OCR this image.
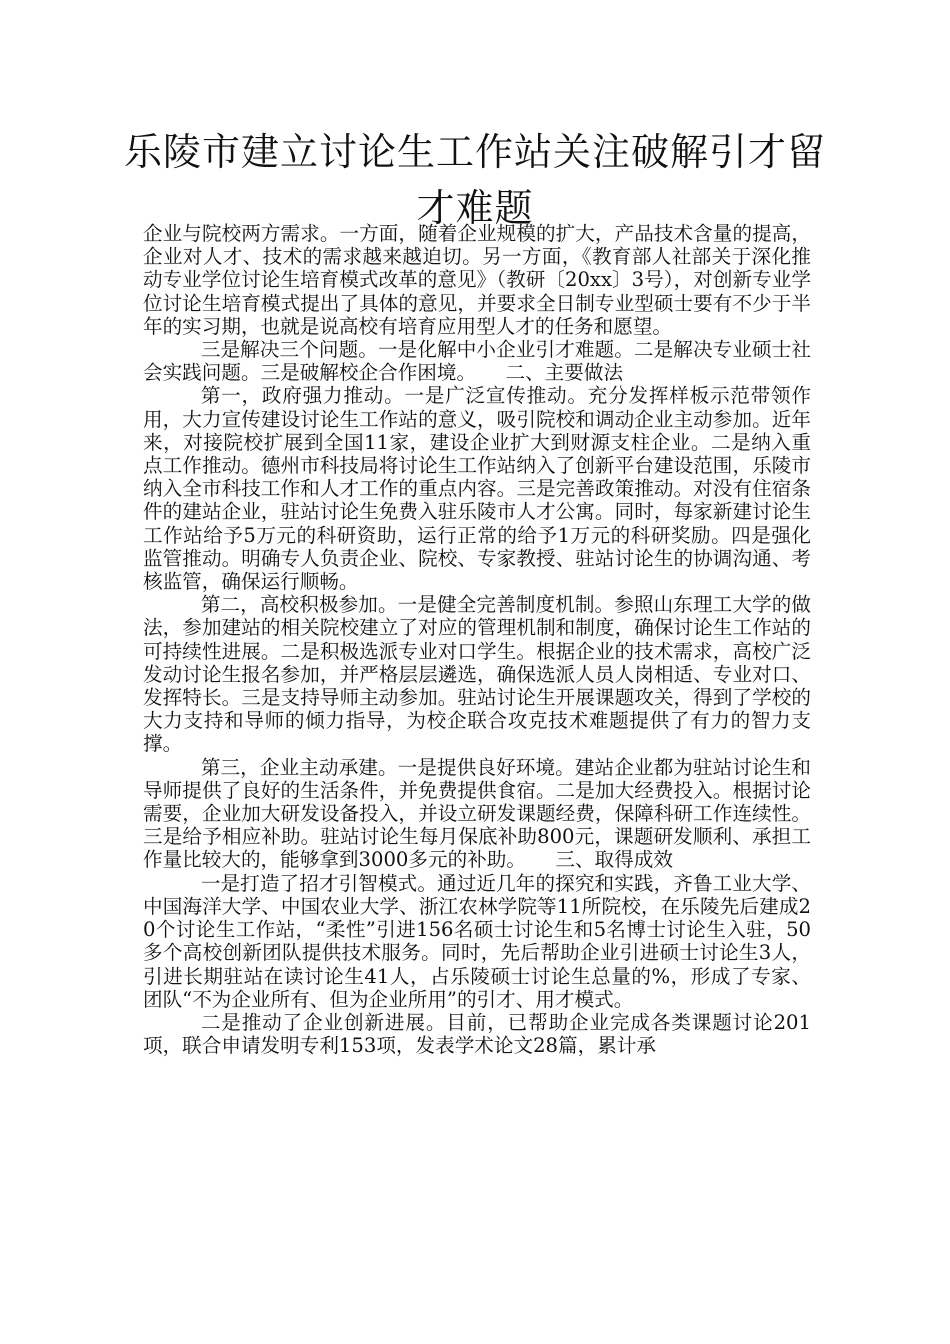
乐陵市建立讨论生工作站关注破解引才留才难题

企业与院校两方需求。一方面，随着企业规模的扩大，产品技术含量的提高，企业对人才、技术的需求越来越迫切。另一方面，《教育部人社部关于深化推动专业学位讨论生培育模式改革的意见》（教研〔20xx〕3号），对创新专业学位讨论生培育模式提出了具体的意见，并要求全日制专业型硕士要有不少于半年的实习期，也就是说高校有培育应用型人才的任务和愿望。

三是解决三个问题。一是化解中小企业引才难题。二是解决专业硕士社会实践问题。三是破解校企合作困境。　　二、主要做法

第一，政府强力推动。一是广泛宣传推动。充分发挥样板示范带领作用，大力宣传建设讨论生工作站的意义，吸引院校和调动企业主动参加。近年来，对接院校扩展到全国11家，建设企业扩大到财源支柱企业。二是纳入重点工作推动。德州市科技局将讨论生工作站纳入了创新平台建设范围，乐陵市纳入全市科技工作和人才工作的重点内容。三是完善政策推动。对没有住宿条件的建站企业，驻站讨论生免费入驻乐陵市人才公寓。同时，每家新建讨论生工作站给予5万元的科研资助，运行正常的给予1万元的科研奖励。四是强化监管推动。明确专人负责企业、院校、专家教授、驻站讨论生的协调沟通、考核监管，确保运行顺畅。

第二，高校积极参加。一是健全完善制度机制。参照山东理工大学的做法，参加建站的相关院校建立了对应的管理机制和制度，确保讨论生工作站的可持续性进展。二是积极选派专业对口学生。根据企业的技术需求，高校广泛发动讨论生报名参加，并严格层层遴选，确保选派人员人岗相适、专业对口、发挥特长。三是支持导师主动参加。驻站讨论生开展课题攻关，得到了学校的大力支持和导师的倾力指导，为校企联合攻克技术难题提供了有力的智力支撑。

第三，企业主动承建。一是提供良好环境。建站企业都为驻站讨论生和导师提供了良好的生活条件，并免费提供食宿。二是加大经费投入。根据讨论需要，企业加大研发设备投入，并设立研发课题经费，保障科研工作连续性。三是给予相应补助。驻站讨论生每月保底补助800元，课题研发顺利、承担工作量比较大的，能够拿到3000多元的补助。　　三、取得成效

一是打造了招才引智模式。通过近几年的探究和实践，齐鲁工业大学、中国海洋大学、中国农业大学、浙江农林学院等11所院校，在乐陵先后建成20个讨论生工作站，“柔性”引进156名硕士讨论生和5名博士讨论生入驻，50多个高校创新团队提供技术服务。同时，先后帮助企业引进硕士讨论生3人，引进长期驻站在读讨论生41人，占乐陵硕士讨论生总量的%，形成了专家、团队“不为企业所有、但为企业所用”的引才、用才模式。

二是推动了企业创新进展。目前，已帮助企业完成各类课题讨论201项，联合申请发明专利153项，发表学术论文28篇，累计承
